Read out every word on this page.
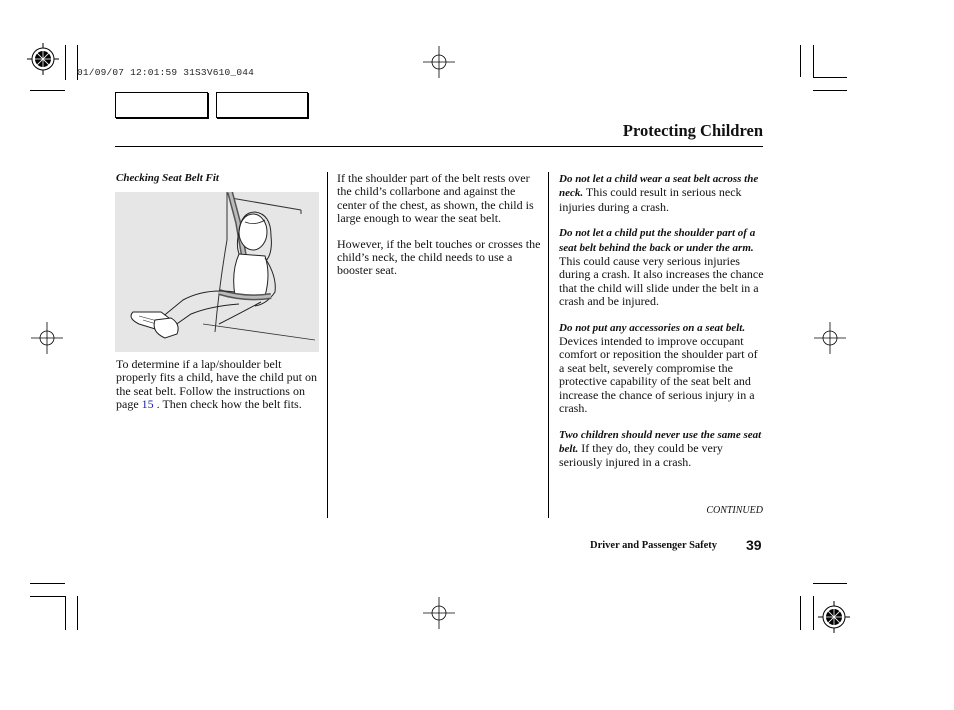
01/09/07 12:01:59 31S3V610_044
Protecting Children
Checking Seat Belt Fit

To determine if a lap/shoulder belt properly fits a child, have the child put on the seat belt. Follow the instructions on page 15 . Then check how the belt fits.

If the shoulder part of the belt rests over the child’s collarbone and against the center of the chest, as shown, the child is large enough to wear the seat belt.

However, if the belt touches or crosses the child’s neck, the child needs to use a booster seat.

Do not let a child wear a seat belt across the neck. This could result in serious neck injuries during a crash.

Do not let a child put the shoulder part of a seat belt behind the back or under the arm. This could cause very serious injuries during a crash. It also increases the chance that the child will slide under the belt in a crash and be injured.

Do not put any accessories on a seat belt. Devices intended to improve occupant comfort or reposition the shoulder part of a seat belt, severely compromise the protective capability of the seat belt and increase the chance of serious injury in a crash.

Two children should never use the same seat belt. If they do, they could be very seriously injured in a crash.

CONTINUED
Driver and Passenger Safety 39
